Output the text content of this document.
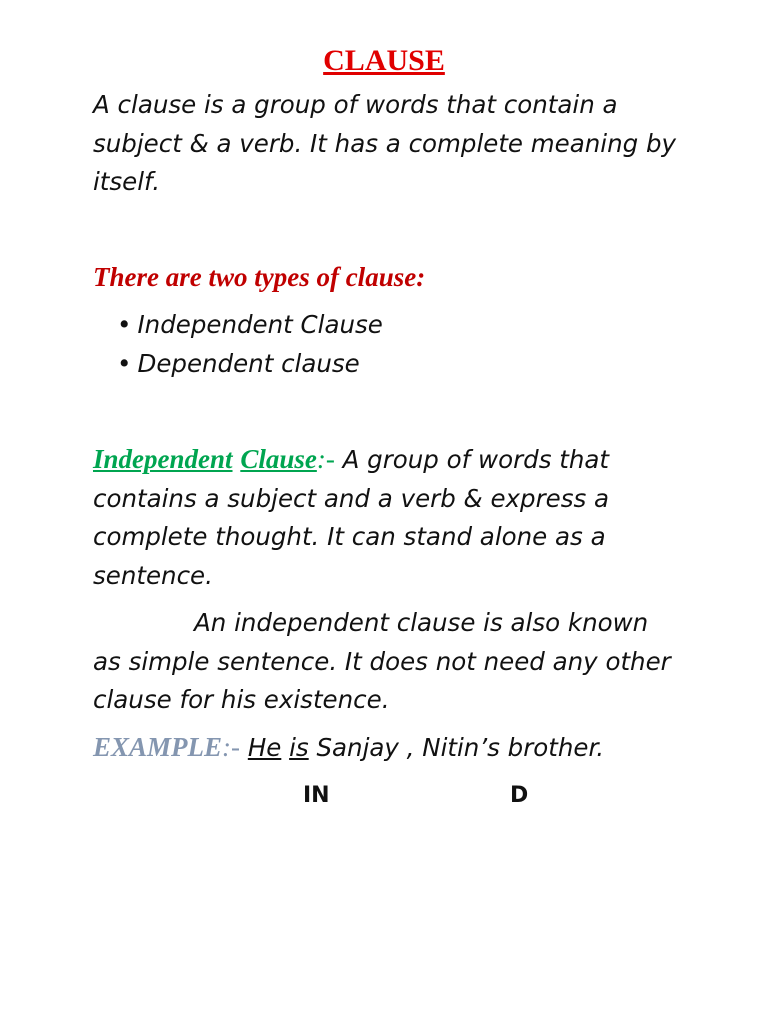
CLAUSE
A clause is a group of words that contain a subject & a verb. It has a complete meaning by itself.
There are two types of clause:
• Independent Clause
• Dependent clause
Independent Clause:- A group of words that contains a subject and a verb & express a complete thought. It can stand alone as a sentence.
An independent clause is also known as simple sentence. It does not need any other clause for his existence.
EXAMPLE:- He is Sanjay , Nitin’s brother.
IN	D
